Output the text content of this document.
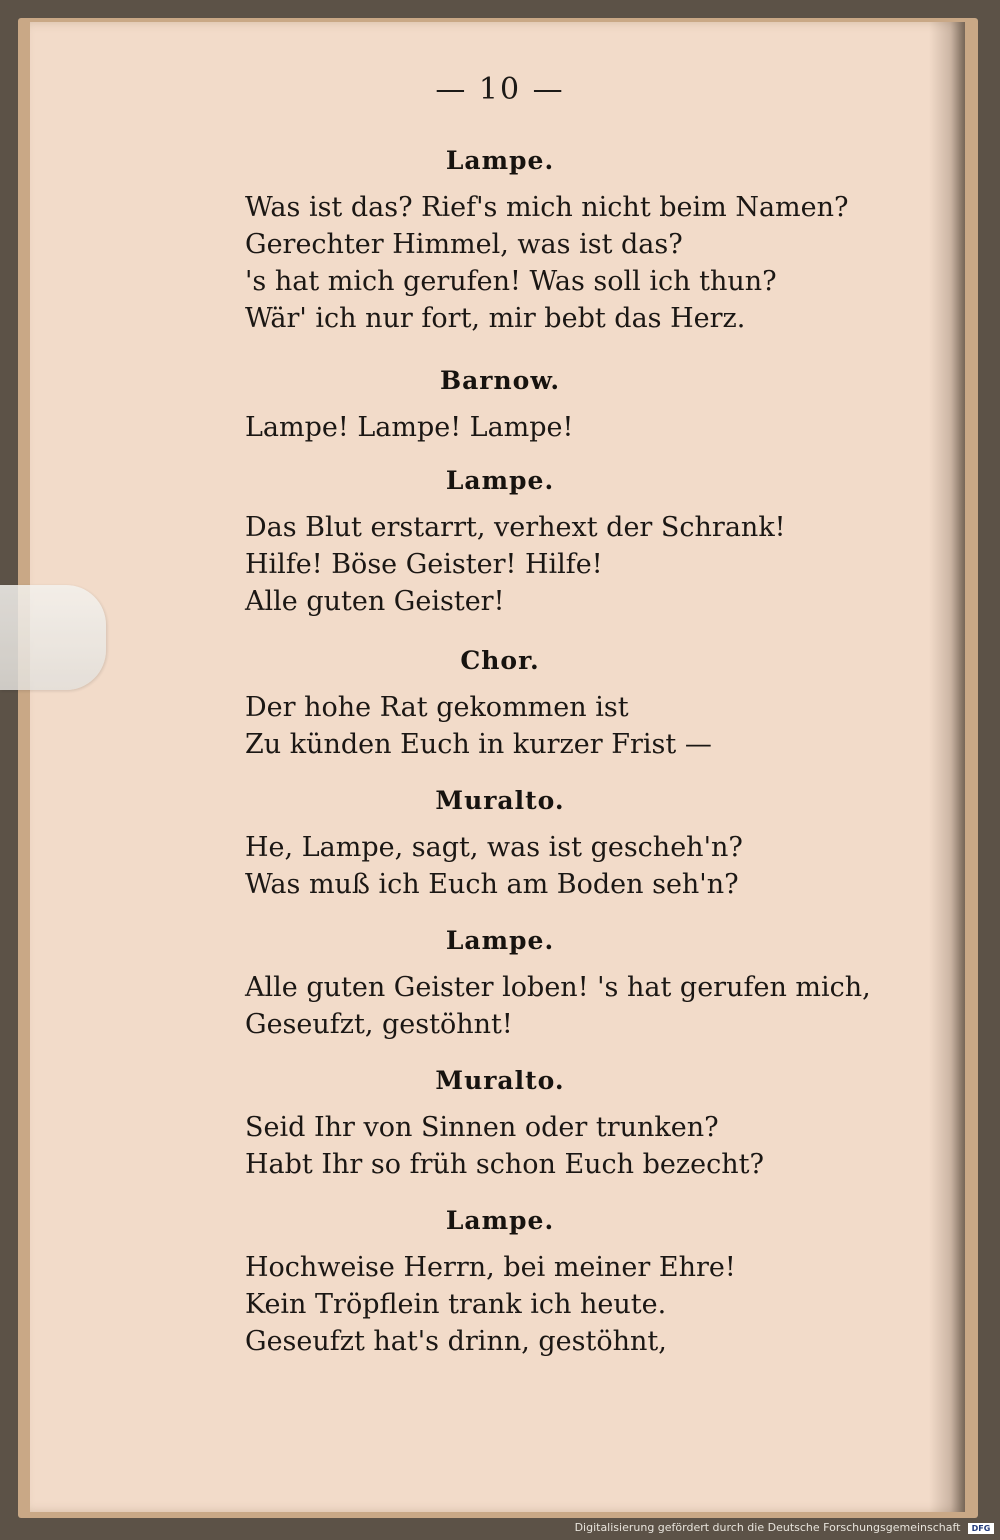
— 10 —
Lampe.
Was ist das? Rief's mich nicht beim Namen?
Gerechter Himmel, was ist das?
's hat mich gerufen! Was soll ich thun?
Wär' ich nur fort, mir bebt das Herz.
Barnow.
Lampe! Lampe! Lampe!
Lampe.
Das Blut erstarrt, verhext der Schrank!
Hilfe! Böse Geister! Hilfe!
Alle guten Geister!
Chor.
Der hohe Rat gekommen ist
Zu künden Euch in kurzer Frist —
Muralto.
He, Lampe, sagt, was ist gescheh'n?
Was muß ich Euch am Boden seh'n?
Lampe.
Alle guten Geister loben! 's hat gerufen mich,
Geseufzt, gestöhnt!
Muralto.
Seid Ihr von Sinnen oder trunken?
Habt Ihr so früh schon Euch bezecht?
Lampe.
Hochweise Herrn, bei meiner Ehre!
Kein Tröpflein trank ich heute.
Geseufzt hat's drinn, gestöhnt,
Digitalisierung gefördert durch die Deutsche Forschungsgemeinschaft DFG
